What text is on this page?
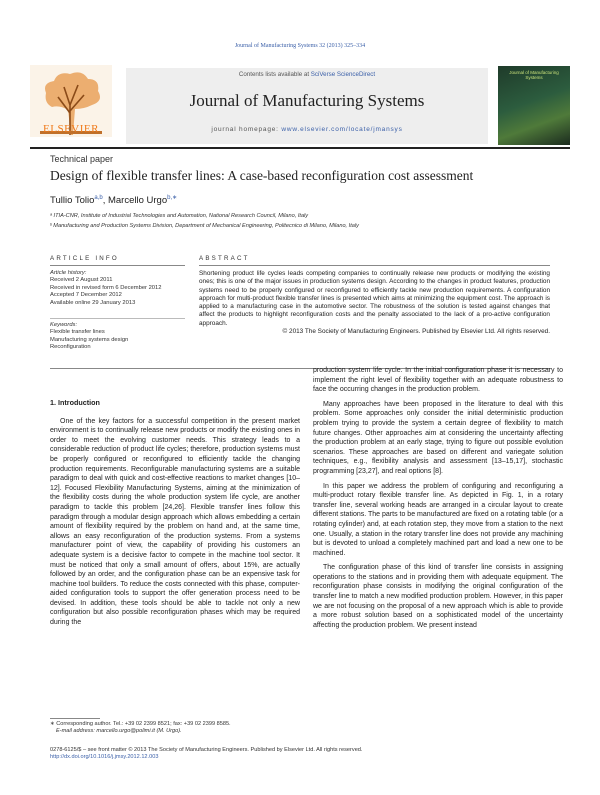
Journal of Manufacturing Systems 32 (2013) 325–334
ELSEVIER
Contents lists available at SciVerse ScienceDirect
Journal of Manufacturing Systems
journal homepage: www.elsevier.com/locate/jmansys
Journal of Manufacturing Systems
Technical paper
Design of flexible transfer lines: A case-based reconfiguration cost assessment
Tullio Tolio$^{a,b}$, Marcello Urgo$^{b,∗}$
ᵃ ITIA-CNR, Institute of Industrial Technologies and Automation, National Research Council, Milano, Italy
ᵇ Manufacturing and Production Systems Division, Department of Mechanical Engineering, Politecnico di Milano, Milano, Italy
ARTICLE INFO	ABSTRACT
Article history:
Received 2 August 2011
Received in revised form 6 December 2012
Accepted 7 December 2012
Available online 29 January 2013
Keywords:
Flexible transfer lines
Manufacturing systems design
Reconfiguration
Shortening product life cycles leads competing companies to continually release new products or modifying the existing ones; this is one of the major issues in production systems design. According to the changes in product features, production systems need to be properly configured or reconfigured to efficiently tackle new production requirements. A configuration approach for multi-product flexible transfer lines is presented which aims at minimizing the equipment cost. The approach is applied to a manufacturing case in the automotive sector. The robustness of the solution is tested against changes that affect the products to highlight reconfiguration costs and the penalty associated to the lack of a pro-active configuration approach.
© 2013 The Society of Manufacturing Engineers. Published by Elsevier Ltd. All rights reserved.
1. Introduction

One of the key factors for a successful competition in the present market environment is to continually release new products or modify the existing ones in order to meet the evolving customer needs. This strategy leads to a considerable reduction of product life cycles; therefore, production systems must be properly configured or reconfigured to efficiently tackle the changing production requirements. Reconfigurable manufacturing systems are a suitable paradigm to deal with quick and cost-effective reactions to market changes [10–12]. Focused Flexibility Manufacturing Systems, aiming at the minimization of the flexibility costs during the whole production system life cycle, are another paradigm to tackle this problem [24,26]. Flexible transfer lines follow this paradigm through a modular design approach which allows embedding a certain amount of flexibility required by the problem on hand and, at the same time, allows an easy reconfiguration of the production systems. From a systems manufacturer point of view, the capability of providing his customers an adequate system is a decisive factor to compete in the machine tool sector. It must be noticed that only a small amount of offers, about 15%, are actually followed by an order, and the configuration phase can be an expensive task for machine tool builders. To reduce the costs connected with this phase, computer-aided configuration tools to support the offer generation process need to be devised. In addition, these tools should be able to tackle not only a new configuration but also possible reconfiguration phases which may be required during the

production system life cycle. In the initial configuration phase it is necessary to implement the right level of flexibility together with an adequate robustness to face the occurring changes in the production problem.

Many approaches have been proposed in the literature to deal with this problem. Some approaches only consider the initial deterministic production problem trying to provide the system a certain degree of flexibility to match future changes. Other approaches aim at considering the uncertainty affecting the production problem at an early stage, trying to figure out possible evolution scenarios. These approaches are based on different and variegate solution techniques, e.g., flexibility analysis and assessment [13–15,17], stochastic programming [23,27], and real options [8].

In this paper we address the problem of configuring and reconfiguring a multi-product rotary flexible transfer line. As depicted in Fig. 1, in a rotary transfer line, several working heads are arranged in a circular layout to create different stations. The parts to be manufactured are fixed on a rotating table (or a rotating cylinder) and, at each rotation step, they move from a station to the next one. Usually, a station in the rotary transfer line does not provide any machining but is devoted to unload a completely machined part and load a new one to be machined.

The configuration phase of this kind of transfer line consists in assigning operations to the stations and in providing them with adequate equipment. The reconfiguration phase consists in modifying the original configuration of the transfer line to match a new modified production problem. However, in this paper we are not focusing on the proposal of a new approach which is able to provide a more robust solution based on a sophisticated model of the uncertainty affecting the production problem. We present instead

∗ Corresponding author. Tel.: +39 02 2399 8521; fax: +39 02 2399 8585.
E-mail address: marcello.urgo@polimi.it (M. Urgo).
0278-6125/$ – see front matter © 2013 The Society of Manufacturing Engineers. Published by Elsevier Ltd. All rights reserved.
http://dx.doi.org/10.1016/j.jmsy.2012.12.003
